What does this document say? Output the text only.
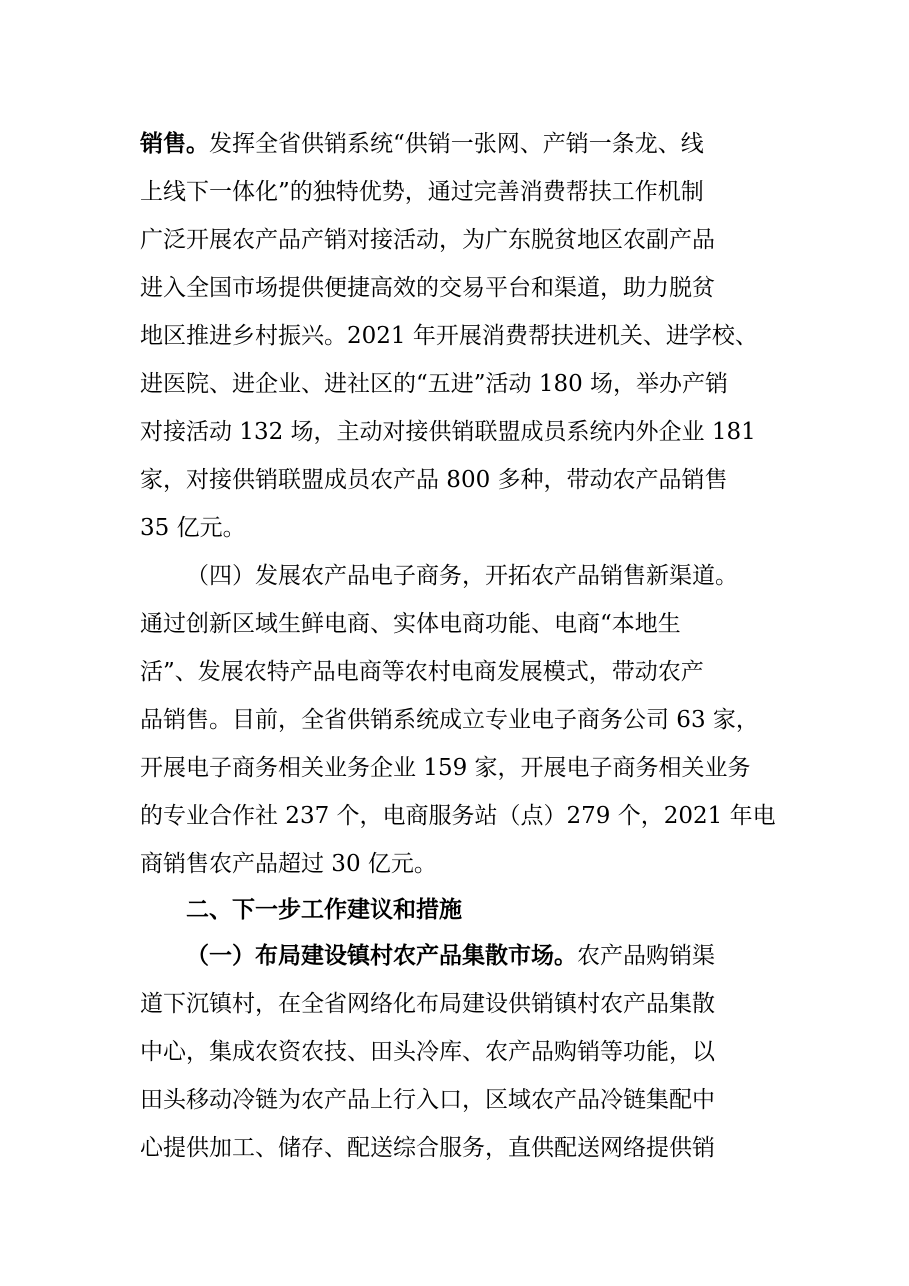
销售。发挥全省供销系统“供销一张网、产销一条龙、线
上线下一体化”的独特优势，通过完善消费帮扶工作机制
广泛开展农产品产销对接活动，为广东脱贫地区农副产品
进入全国市场提供便捷高效的交易平台和渠道，助力脱贫
地区推进乡村振兴。2021 年开展消费帮扶进机关、进学校、
进医院、进企业、进社区的“五进”活动 180 场，举办产销
对接活动 132 场，主动对接供销联盟成员系统内外企业 181
家，对接供销联盟成员农产品 800 多种，带动农产品销售
35 亿元。
（四）发展农产品电子商务，开拓农产品销售新渠道。
通过创新区域生鲜电商、实体电商功能、电商“本地生
活”、发展农特产品电商等农村电商发展模式，带动农产
品销售。目前，全省供销系统成立专业电子商务公司 63 家，
开展电子商务相关业务企业 159 家，开展电子商务相关业务
的专业合作社 237 个，电商服务站（点）279 个，2021 年电
商销售农产品超过 30 亿元。
二、下一步工作建议和措施
（一）布局建设镇村农产品集散市场。农产品购销渠
道下沉镇村，在全省网络化布局建设供销镇村农产品集散
中心，集成农资农技、田头冷库、农产品购销等功能，以
田头移动冷链为农产品上行入口，区域农产品冷链集配中
心提供加工、储存、配送综合服务，直供配送网络提供销
